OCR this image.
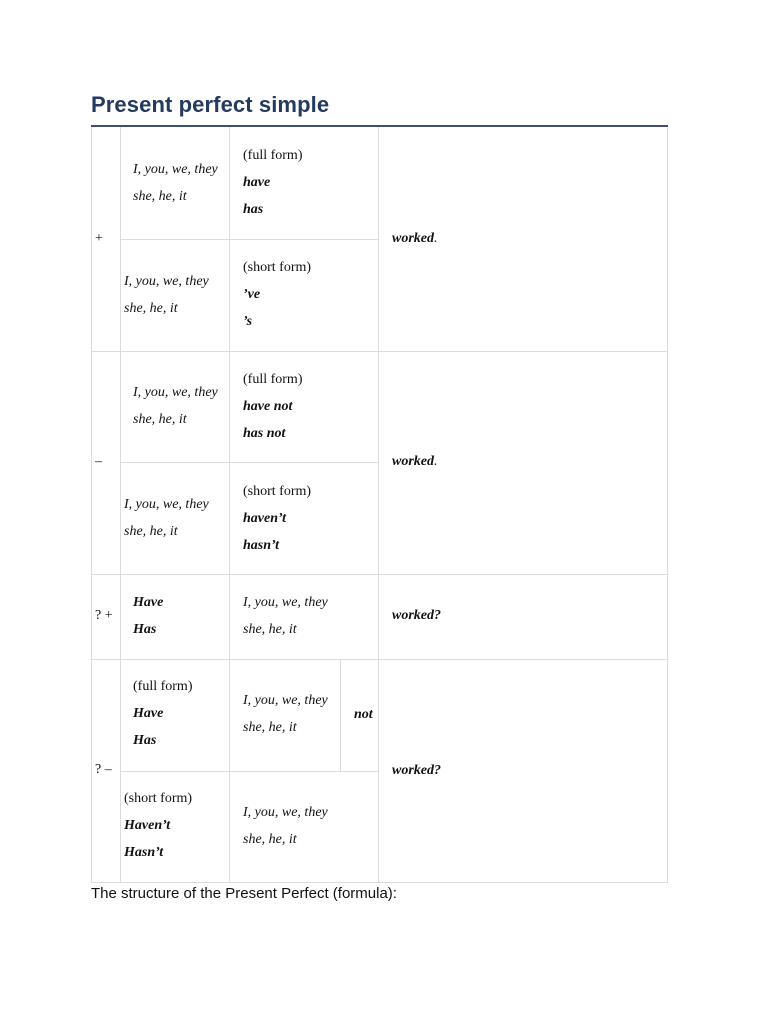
Present perfect simple
+
I, you, we, they
she, he, it
(full form)
have
has
I, you, we, they
she, he, it
(short form)
’ve
’s
worked.
–
I, you, we, they
she, he, it
(full form)
have not
has not
I, you, we, they
she, he, it
(short form)
haven’t
hasn’t
worked.
? +
Have
Has
I, you, we, they
she, he, it
worked?
? –
(full form)
Have
Has
I, you, we, they
she, he, it
not
(short form)
Haven’t
Hasn’t
I, you, we, they
she, he, it
worked?
The structure of the Present Perfect (formula):
